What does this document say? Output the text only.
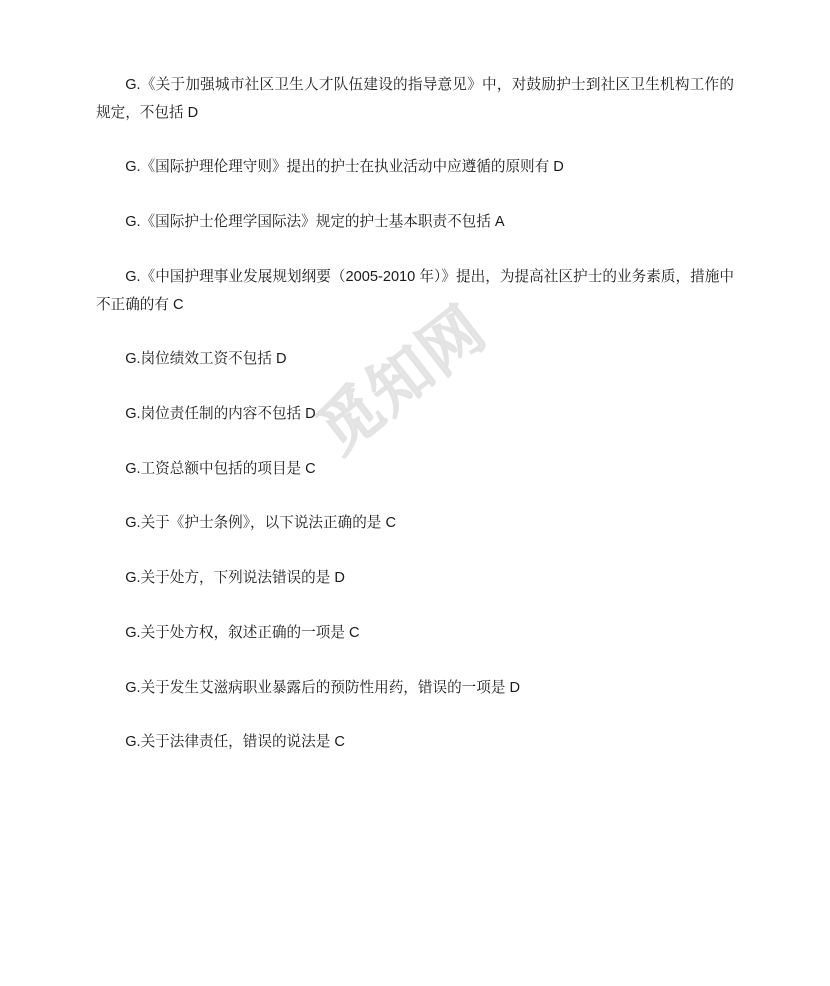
觅知网

G.《关于加强城市社区卫生人才队伍建设的指导意见》中，对鼓励护士到社区卫生机构工作的规定，不包括 D

G.《国际护理伦理守则》提出的护士在执业活动中应遵循的原则有 D

G.《国际护士伦理学国际法》规定的护士基本职责不包括 A

G.《中国护理事业发展规划纲要（2005-2010 年）》提出，为提高社区护士的业务素质，措施中不正确的有 C

G.岗位绩效工资不包括 D

G.岗位责任制的内容不包括 D

G.工资总额中包括的项目是 C

G.关于《护士条例》，以下说法正确的是 C

G.关于处方，下列说法错误的是 D

G.关于处方权，叙述正确的一项是 C

G.关于发生艾滋病职业暴露后的预防性用药，错误的一项是 D

G.关于法律责任，错误的说法是 C
